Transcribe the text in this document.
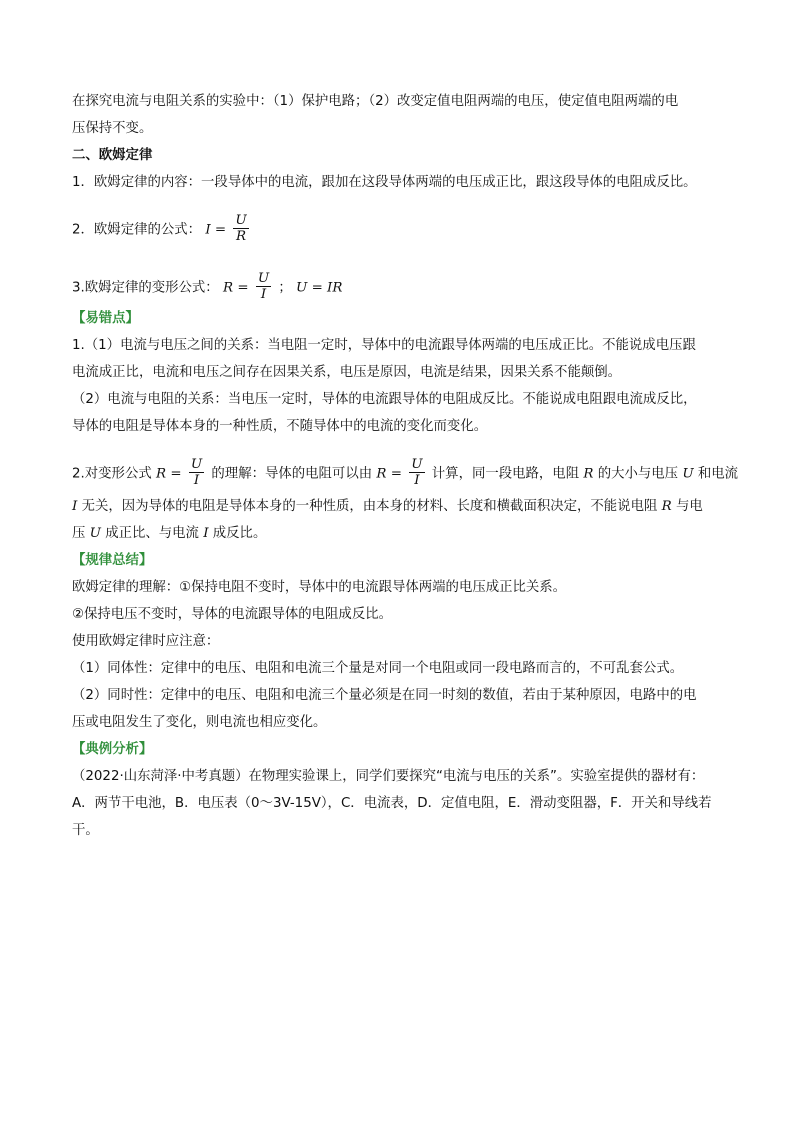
在探究电流与电阻关系的实验中：（1）保护电路；（2）改变定值电阻两端的电压，使定值电阻两端的电
压保持不变。
二、欧姆定律
1．欧姆定律的内容：一段导体中的电流，跟加在这段导体两端的电压成正比，跟这段导体的电阻成反比。
2．欧姆定律的公式： $I = \frac{U}{R}$
3.欧姆定律的变形公式： $R = \frac{U}{I}$ ； U = IR
【易错点】
1.（1）电流与电压之间的关系：当电阻一定时，导体中的电流跟导体两端的电压成正比。不能说成电压跟
电流成正比，电流和电压之间存在因果关系，电压是原因，电流是结果，因果关系不能颠倒。
（2）电流与电阻的关系：当电压一定时，导体的电流跟导体的电阻成反比。不能说成电阻跟电流成反比，
导体的电阻是导体本身的一种性质，不随导体中的电流的变化而变化。
2.对变形公式 $R = \frac{U}{I}$ 的理解：导体的电阻可以由 $R = \frac{U}{I}$ 计算，同一段电路，电阻 R 的大小与电压 U 和电流
I 无关，因为导体的电阻是导体本身的一种性质，由本身的材料、长度和横截面积决定，不能说电阻 R 与电
压 U 成正比、与电流 I 成反比。
【规律总结】
欧姆定律的理解：①保持电阻不变时，导体中的电流跟导体两端的电压成正比关系。
②保持电压不变时，导体的电流跟导体的电阻成反比。
使用欧姆定律时应注意：
（1）同体性：定律中的电压、电阻和电流三个量是对同一个电阻或同一段电路而言的，不可乱套公式。
（2）同时性：定律中的电压、电阻和电流三个量必须是在同一时刻的数值，若由于某种原因，电路中的电
压或电阻发生了变化，则电流也相应变化。
【典例分析】
（2022·山东菏泽·中考真题）在物理实验课上，同学们要探究“电流与电压的关系”。实验室提供的器材有：
A．两节干电池，B．电压表（0～3V-15V），C．电流表，D．定值电阻，E．滑动变阻器，F．开关和导线若
干。
